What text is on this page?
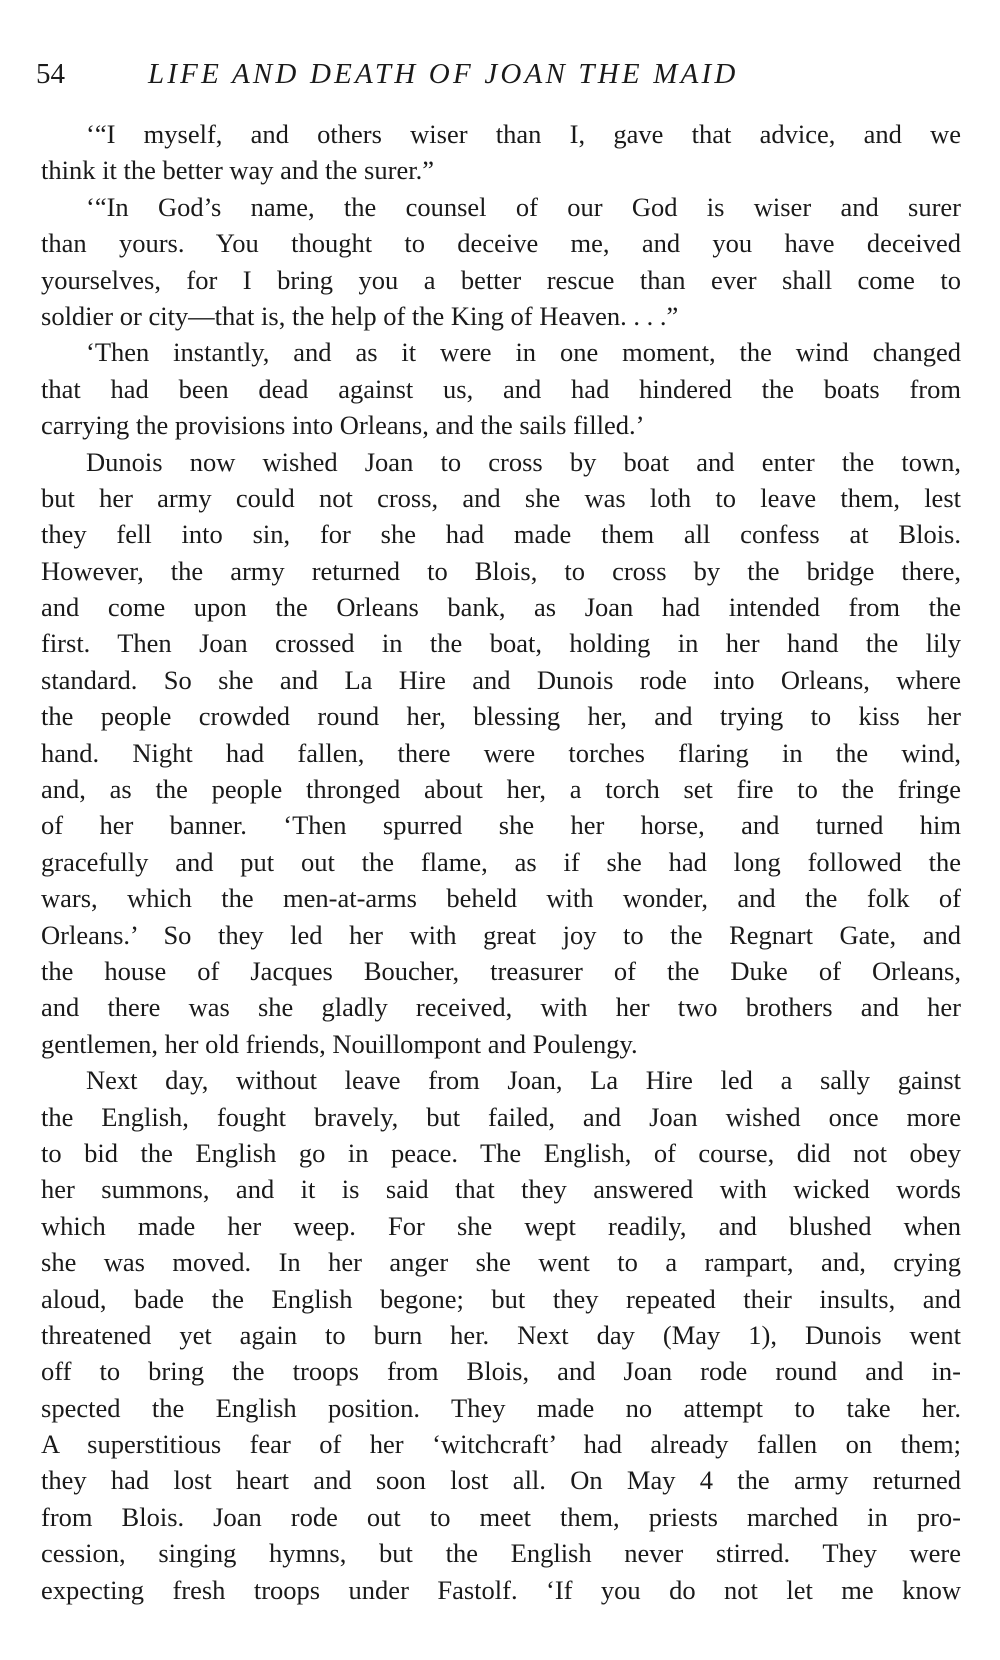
54	LIFE AND DEATH OF JOAN THE MAID
‘“I myself, and others wiser than I, gave that advice, and we
think it the better way and the surer.”
‘“In God’s name, the counsel of our God is wiser and surer
than yours. You thought to deceive me, and you have deceived
yourselves, for I bring you a better rescue than ever shall come to
soldier or city—that is, the help of the King of Heaven. . . .”
‘Then instantly, and as it were in one moment, the wind changed
that had been dead against us, and had hindered the boats from
carrying the provisions into Orleans, and the sails filled.’
Dunois now wished Joan to cross by boat and enter the town,
but her army could not cross, and she was loth to leave them, lest
they fell into sin, for she had made them all confess at Blois.
However, the army returned to Blois, to cross by the bridge there,
and come upon the Orleans bank, as Joan had intended from the
first. Then Joan crossed in the boat, holding in her hand the lily
standard. So she and La Hire and Dunois rode into Orleans, where
the people crowded round her, blessing her, and trying to kiss her
hand. Night had fallen, there were torches flaring in the wind,
and, as the people thronged about her, a torch set fire to the fringe
of her banner. ‘Then spurred she her horse, and turned him
gracefully and put out the flame, as if she had long followed the
wars, which the men-at-arms beheld with wonder, and the folk of
Orleans.’ So they led her with great joy to the Regnart Gate, and
the house of Jacques Boucher, treasurer of the Duke of Orleans,
and there was she gladly received, with her two brothers and her
gentlemen, her old friends, Nouillompont and Poulengy.
Next day, without leave from Joan, La Hire led a sally gainst
the English, fought bravely, but failed, and Joan wished once more
to bid the English go in peace. The English, of course, did not obey
her summons, and it is said that they answered with wicked words
which made her weep. For she wept readily, and blushed when
she was moved. In her anger she went to a rampart, and, crying
aloud, bade the English begone; but they repeated their insults, and
threatened yet again to burn her. Next day (May 1), Dunois went
off to bring the troops from Blois, and Joan rode round and in-
spected the English position. They made no attempt to take her.
A superstitious fear of her ‘witchcraft’ had already fallen on them;
they had lost heart and soon lost all. On May 4 the army returned
from Blois. Joan rode out to meet them, priests marched in pro-
cession, singing hymns, but the English never stirred. They were
expecting fresh troops under Fastolf. ‘If you do not let me know
